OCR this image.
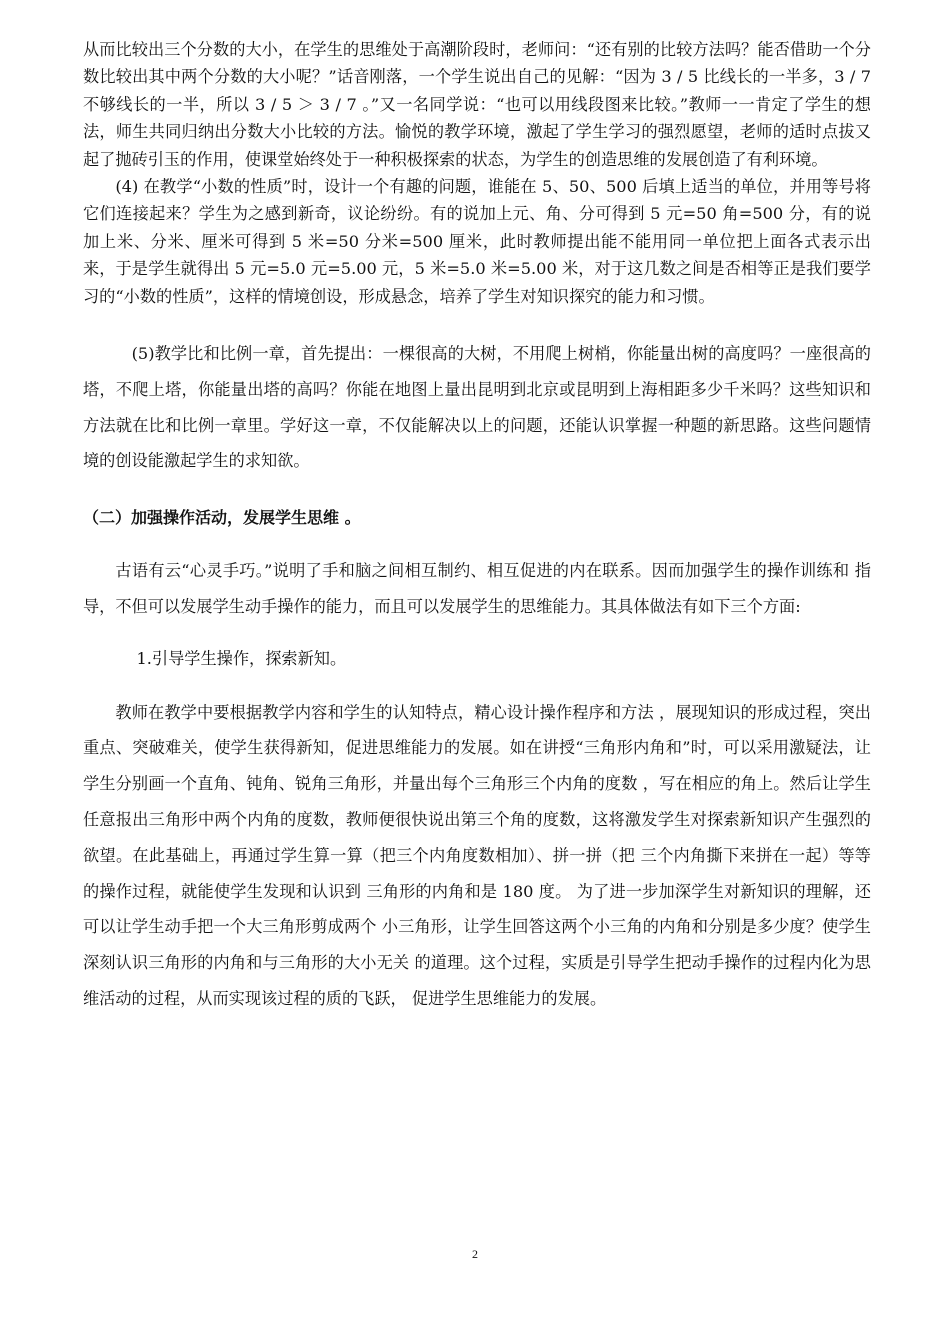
从而比较出三个分数的大小，在学生的思维处于高潮阶段时，老师问：“还有别的比较方法吗？能否借助一个分数比较出其中两个分数的大小呢？”话音刚落，一个学生说出自己的见解：“因为 3 / 5 比线长的一半多，3 / 7 不够线长的一半，所以 3 / 5 ＞ 3 / 7 。”又一名同学说：“也可以用线段图来比较。”教师一一肯定了学生的想法，师生共同归纳出分数大小比较的方法。愉悦的教学环境，激起了学生学习的强烈愿望，老师的适时点拔又起了抛砖引玉的作用，使课堂始终处于一种积极探索的状态，为学生的创造思维的发展创造了有利环境。

(4) 在教学“小数的性质”时，设计一个有趣的问题，谁能在 5、50、500 后填上适当的单位，并用等号将它们连接起来？学生为之感到新奇，议论纷纷。有的说加上元、角、分可得到 5 元=50 角=500 分，有的说加上米、分米、厘米可得到 5 米=50 分米=500 厘米，此时教师提出能不能用同一单位把上面各式表示出来，于是学生就得出 5 元=5.0 元=5.00 元，5 米=5.0 米=5.00 米，对于这几数之间是否相等正是我们要学习的“小数的性质”，这样的情境创设，形成悬念，培养了学生对知识探究的能力和习惯。

(5)教学比和比例一章，首先提出：一棵很高的大树，不用爬上树梢，你能量出树的高度吗？一座很高的塔，不爬上塔，你能量出塔的高吗？你能在地图上量出昆明到北京或昆明到上海相距多少千米吗？这些知识和方法就在比和比例一章里。学好这一章，不仅能解决以上的问题，还能认识掌握一种题的新思路。这些问题情境的创设能激起学生的求知欲。

（二）加强操作活动，发展学生思维 。

古语有云“心灵手巧。”说明了手和脑之间相互制约、相互促进的内在联系。因而加强学生的操作训练和 指导，不但可以发展学生动手操作的能力，而且可以发展学生的思维能力。其具体做法有如下三个方面:

1.引导学生操作，探索新知。

教师在教学中要根据教学内容和学生的认知特点，精心设计操作程序和方法 ，展现知识的形成过程，突出重点、突破难关，使学生获得新知，促进思维能力的发展。如在讲授“三角形内角和”时，可以采用激疑法，让学生分别画一个直角、钝角、锐角三角形，并量出每个三角形三个内角的度数 ，写在相应的角上。然后让学生任意报出三角形中两个内角的度数，教师便很快说出第三个角的度数，这将激发学生对探索新知识产生强烈的欲望。在此基础上，再通过学生算一算（把三个内角度数相加）、拼一拼（把 三个内角撕下来拼在一起）等等的操作过程，就能使学生发现和认识到 三角形的内角和是 180 度。 为了进一步加深学生对新知识的理解，还可以让学生动手把一个大三角形剪成两个 小三角形，让学生回答这两个小三角的内角和分别是多少度？使学生深刻认识三角形的内角和与三角形的大小无关 的道理。这个过程，实质是引导学生把动手操作的过程内化为思维活动的过程，从而实现该过程的质的飞跃， 促进学生思维能力的发展。

2
